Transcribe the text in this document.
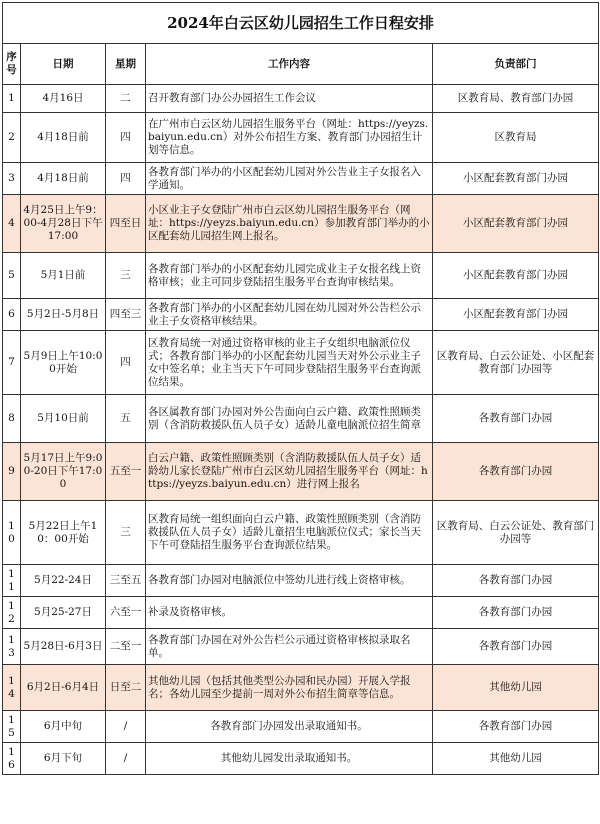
2024年白云区幼儿园招生工作日程安排				
序号	日期	星期	工作内容	负责部门
1	4月16日	二	召开教育部门办公办园招生工作会议	区教育局、教育部门办园
2	4月18日前	四	在广州市白云区幼儿园招生服务平台（网址：https://yeyzs.baiyun.edu.cn）对外公布招生方案、教育部门办园招生计划等信息。	区教育局
3	4月18日前	四	各教育部门举办的小区配套幼儿园对外公告业主子女报名入学通知。	小区配套教育部门办园
4	4月25日上午9：00-4月28日下午17:00	四至日	小区业主子女登陆广州市白云区幼儿园招生服务平台（网址：https://yeyzs.baiyun.edu.cn）参加教育部门举办的小区配套幼儿园招生网上报名。	小区配套教育部门办园
5	5月1日前	三	各教育部门举办的小区配套幼儿园完成业主子女报名线上资格审核；业主可同步登陆招生服务平台查询审核结果。	小区配套教育部门办园
6	5月2日-5月8日	四至三	各教育部门举办的小区配套幼儿园在幼儿园对外公告栏公示业主子女资格审核结果。	小区配套教育部门办园
7	5月9日上午10:00开始	四	区教育局统一对通过资格审核的业主子女组织电脑派位仪式；各教育部门举办的小区配套幼儿园当天对外公示业主子女中签名单；业主当天下午可同步登陆招生服务平台查询派位结果。	区教育局、白云公证处、小区配套教育部门办园等
8	5月10日前	五	各区属教育部门办园对外公告面向白云户籍、政策性照顾类别（含消防救援队伍人员子女）适龄儿童电脑派位招生简章	各教育部门办园
9	5月17日上午9:00-20日下午17:00	五至一	白云户籍、政策性照顾类别（含消防救援队伍人员子女）适龄幼儿家长登陆广州市白云区幼儿园招生服务平台（网址：https://yeyzs.baiyun.edu.cn）进行网上报名	各教育部门办园
10	5月22日上午10：00开始	三	区教育局统一组织面向白云户籍、政策性照顾类别（含消防救援队伍人员子女）适龄儿童招生电脑派位仪式；家长当天下午可登陆招生服务平台查询派位结果。	区教育局、白云公证处、教育部门办园等
11	5月22-24日	三至五	各教育部门办园对电脑派位中签幼儿进行线上资格审核。	各教育部门办园
12	5月25-27日	六至一	补录及资格审核。	各教育部门办园
13	5月28日-6月3日	二至一	各教育部门办园在对外公告栏公示通过资格审核拟录取名单。	各教育部门办园
14	6月2日-6月4日	日至二	其他幼儿园（包括其他类型公办园和民办园）开展入学报名；各幼儿园至少提前一周对外公布招生简章等信息。	其他幼儿园
15	6月中旬	/	各教育部门办园发出录取通知书。	各教育部门办园
16	6月下旬	/	其他幼儿园发出录取通知书。	其他幼儿园
